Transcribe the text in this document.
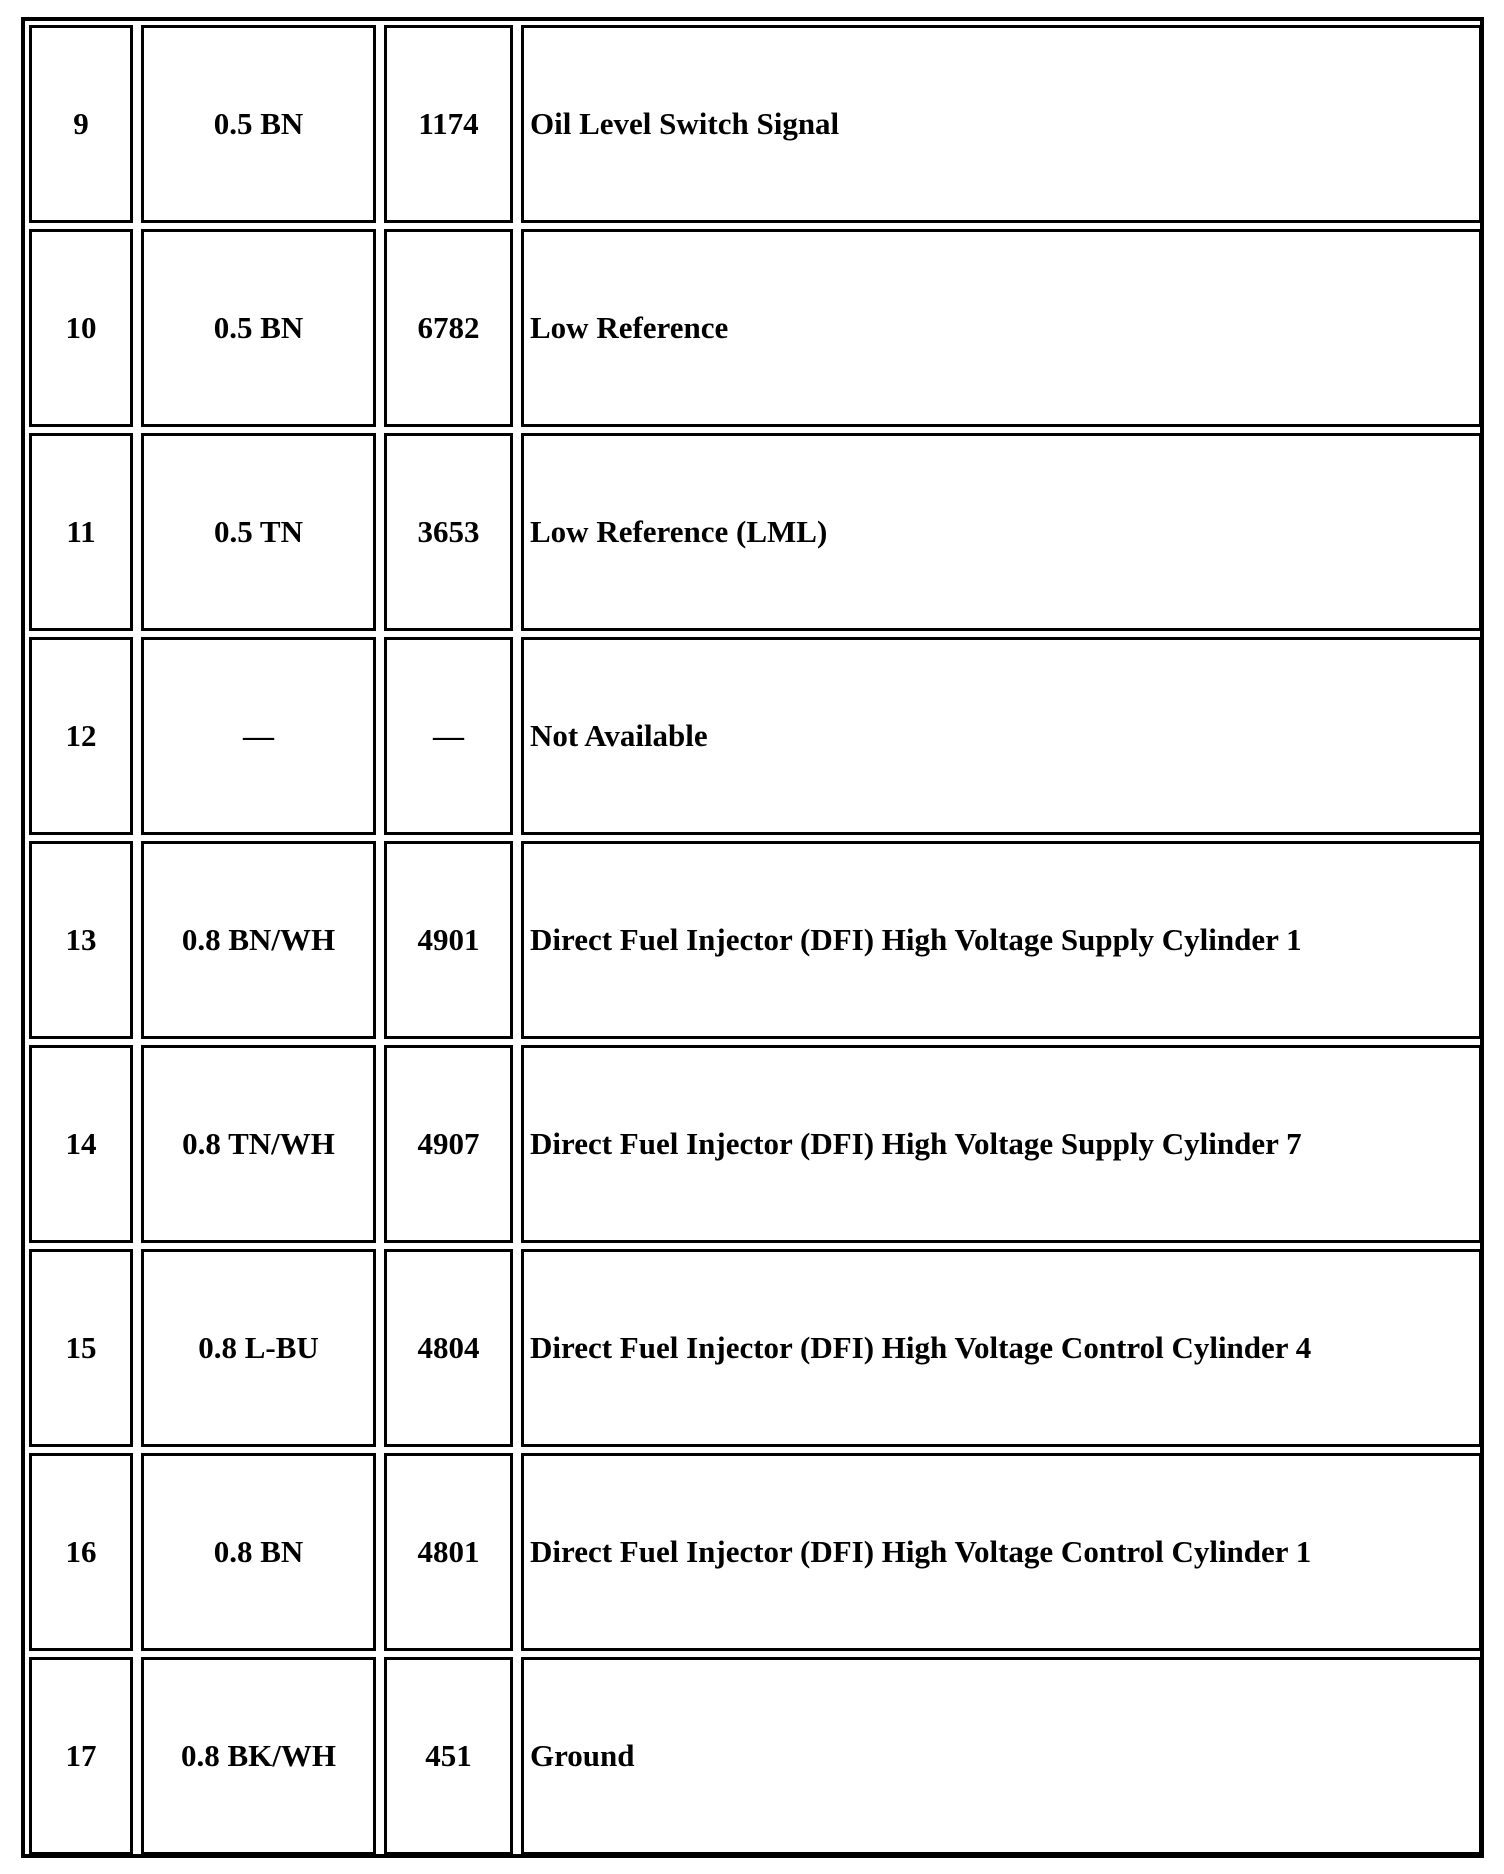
9	0.5 BN	1174	Oil Level Switch Signal
10	0.5 BN	6782	Low Reference
11	0.5 TN	3653	Low Reference (LML)
12	—	—	Not Available
13	0.8 BN/WH	4901	Direct Fuel Injector (DFI) High Voltage Supply Cylinder 1
14	0.8 TN/WH	4907	Direct Fuel Injector (DFI) High Voltage Supply Cylinder 7
15	0.8 L-BU	4804	Direct Fuel Injector (DFI) High Voltage Control Cylinder 4
16	0.8 BN	4801	Direct Fuel Injector (DFI) High Voltage Control Cylinder 1
17	0.8 BK/WH	451	Ground
